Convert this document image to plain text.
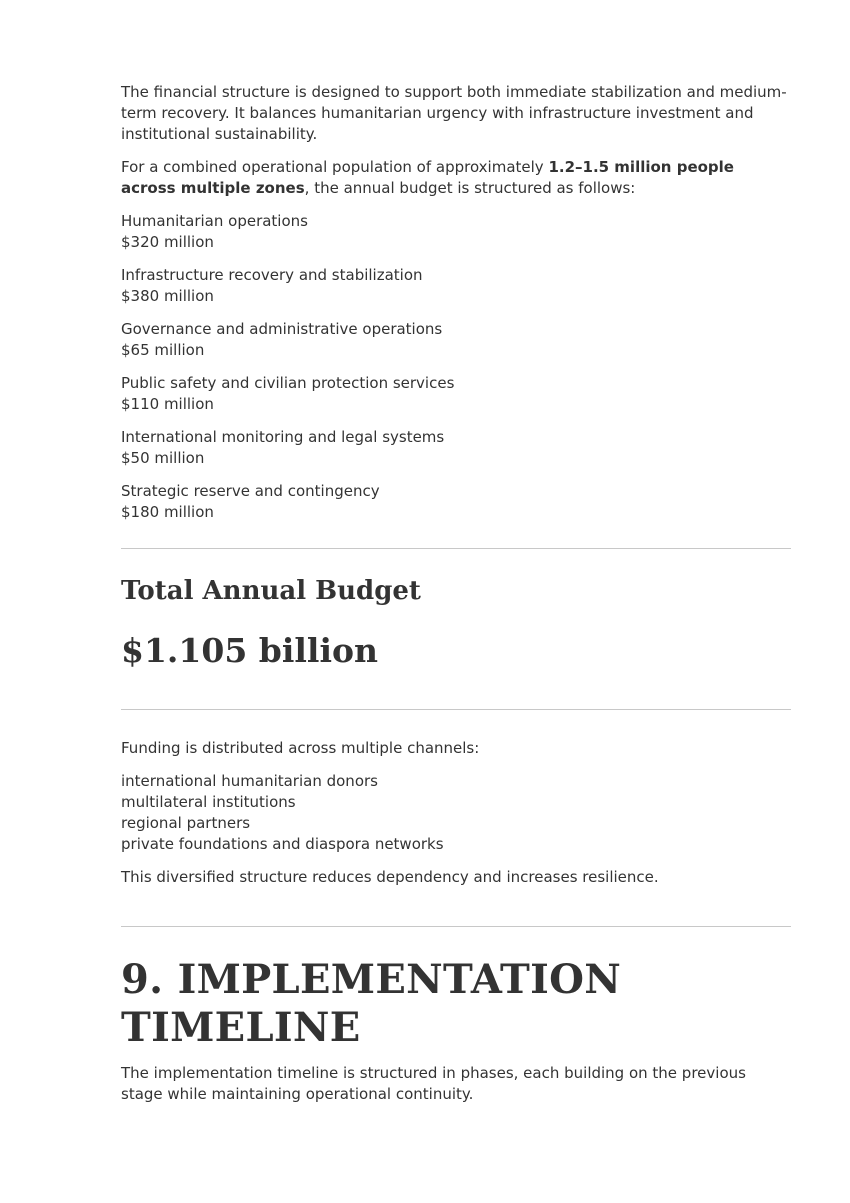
The financial structure is designed to support both immediate stabilization and medium-term recovery. It balances humanitarian urgency with infrastructure investment and institutional sustainability.

For a combined operational population of approximately 1.2–1.5 million people across multiple zones, the annual budget is structured as follows:

Humanitarian operations
$320 million
Infrastructure recovery and stabilization
$380 million
Governance and administrative operations
$65 million
Public safety and civilian protection services
$110 million
International monitoring and legal systems
$50 million
Strategic reserve and contingency
$180 million
Total Annual Budget
$1.105 billion

Funding is distributed across multiple channels:

international humanitarian donors
multilateral institutions
regional partners
private foundations and diaspora networks

This diversified structure reduces dependency and increases resilience.

9. IMPLEMENTATION TIMELINE

The implementation timeline is structured in phases, each building on the previous stage while maintaining operational continuity.
